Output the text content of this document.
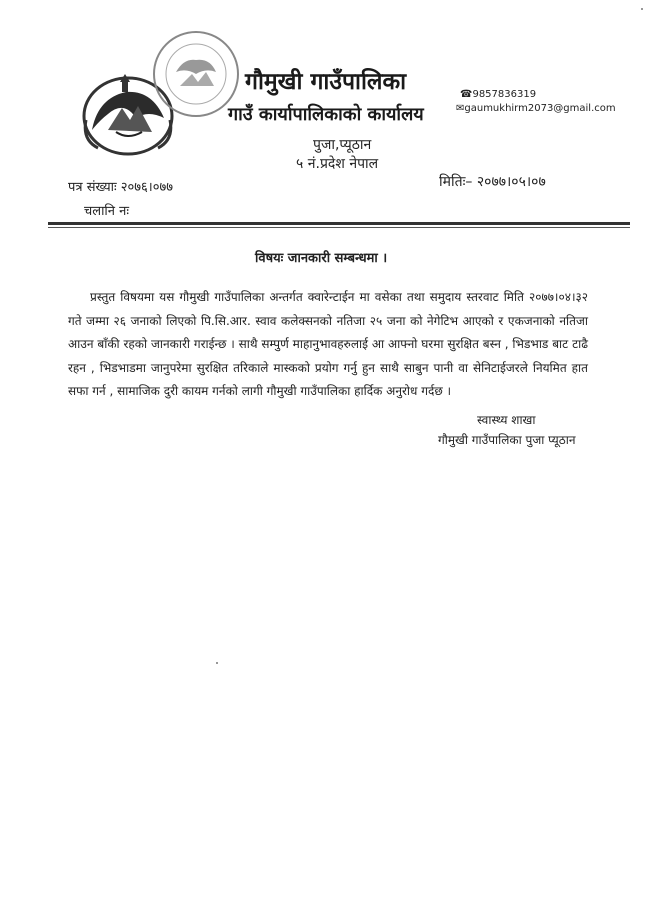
गौमुखी गाउँपालिका
गाउँ कार्यापालिकाको कार्यालय
पुजा,प्यूठान
५ नं.प्रदेश नेपाल
☎9857836319
✉gaumukhirm2073@gmail.com
पत्र संख्याः २०७६।०७७	मितिः– २०७७।०५।०७
चलानि नः
विषयः जानकारी सम्बन्धमा ।
प्रस्तुत विषयमा यस गौमुखी गाउँपालिका अन्तर्गत क्वारेन्टाईन मा वसेका तथा समुदाय स्तरवाट मिति २०७७।०४।३२ गते जम्मा २६ जनाको लिएको पि.सि.आर. स्वाव कलेक्सनको नतिजा २५ जना को नेगेटिभ आएको र एकजनाको नतिजा आउन बाँकी रहको जानकारी गराईन्छ । साथै सम्पुर्ण माहानुभावहरुलाई आ आफ्नो घरमा सुरक्षित बस्न , भिडभाड बाट टाढै रहन , भिडभाडमा जानुपरेमा सुरक्षित तरिकाले मास्कको प्रयोग गर्नु हुन साथै साबुन पानी वा सेनिटाईजरले नियमित हात सफा गर्न , सामाजिक दुरी कायम गर्नको लागी गौमुखी गाउँपालिका हार्दिक अनुरोध गर्दछ ।
स्वास्थ्य शाखा
गौमुखी गाउँपालिका पुजा प्यूठान
